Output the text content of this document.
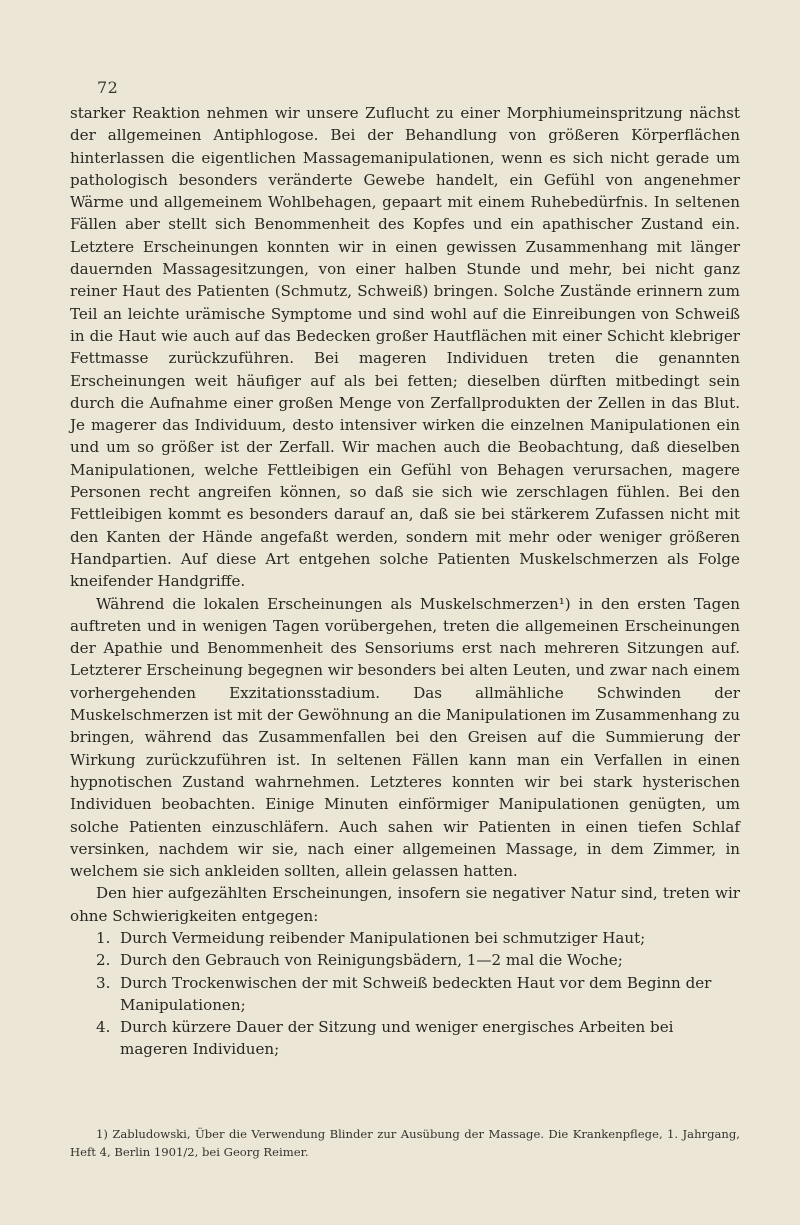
72

starker Reaktion nehmen wir unsere Zuflucht zu einer Morphiumeinspritzung nächst der allgemeinen Antiphlogose. Bei der Behandlung von größeren Körperflächen hinterlassen die eigentlichen Massagemanipulationen, wenn es sich nicht gerade um pathologisch besonders veränderte Gewebe handelt, ein Gefühl von angenehmer Wärme und allgemeinem Wohlbehagen, gepaart mit einem Ruhebedürfnis. In seltenen Fällen aber stellt sich Benommenheit des Kopfes und ein apathischer Zustand ein. Letztere Erscheinungen konnten wir in einen gewissen Zusammenhang mit länger dauernden Massagesitzungen, von einer halben Stunde und mehr, bei nicht ganz reiner Haut des Patienten (Schmutz, Schweiß) bringen. Solche Zustände erinnern zum Teil an leichte urämische Symptome und sind wohl auf die Einreibungen von Schweiß in die Haut wie auch auf das Bedecken großer Hautflächen mit einer Schicht klebriger Fettmasse zurückzuführen. Bei mageren Individuen treten die genannten Erscheinungen weit häufiger auf als bei fetten; dieselben dürften mitbedingt sein durch die Aufnahme einer großen Menge von Zerfallprodukten der Zellen in das Blut. Je magerer das Individuum, desto intensiver wirken die einzelnen Manipulationen ein und um so größer ist der Zerfall. Wir machen auch die Beobachtung, daß dieselben Manipulationen, welche Fettleibigen ein Gefühl von Behagen verursachen, magere Personen recht angreifen können, so daß sie sich wie zerschlagen fühlen. Bei den Fettleibigen kommt es besonders darauf an, daß sie bei stärkerem Zufassen nicht mit den Kanten der Hände angefaßt werden, sondern mit mehr oder weniger größeren Handpartien. Auf diese Art entgehen solche Patienten Muskelschmerzen als Folge kneifender Handgriffe.

Während die lokalen Erscheinungen als Muskelschmerzen¹) in den ersten Tagen auftreten und in wenigen Tagen vorübergehen, treten die allgemeinen Erscheinungen der Apathie und Benommenheit des Sensoriums erst nach mehreren Sitzungen auf. Letzterer Erscheinung begegnen wir besonders bei alten Leuten, und zwar nach einem vorhergehenden Exzitationsstadium. Das allmähliche Schwinden der Muskelschmerzen ist mit der Gewöhnung an die Manipulationen im Zusammenhang zu bringen, während das Zusammenfallen bei den Greisen auf die Summierung der Wirkung zurückzuführen ist. In seltenen Fällen kann man ein Verfallen in einen hypnotischen Zustand wahrnehmen. Letzteres konnten wir bei stark hysterischen Individuen beobachten. Einige Minuten einförmiger Manipulationen genügten, um solche Patienten einzuschläfern. Auch sahen wir Patienten in einen tiefen Schlaf versinken, nachdem wir sie, nach einer allgemeinen Massage, in dem Zimmer, in welchem sie sich ankleiden sollten, allein gelassen hatten.

Den hier aufgezählten Erscheinungen, insofern sie negativer Natur sind, treten wir ohne Schwierigkeiten entgegen:

1. Durch Vermeidung reibender Manipulationen bei schmutziger Haut;
2. Durch den Gebrauch von Reinigungsbädern, 1—2 mal die Woche;
3. Durch Trockenwischen der mit Schweiß bedeckten Haut vor dem Beginn der Manipulationen;
4. Durch kürzere Dauer der Sitzung und weniger energisches Arbeiten bei mageren Individuen;
1) Zabludowski, Über die Verwendung Blinder zur Ausübung der Massage. Die Krankenpflege, 1. Jahrgang, Heft 4, Berlin 1901/2, bei Georg Reimer.
